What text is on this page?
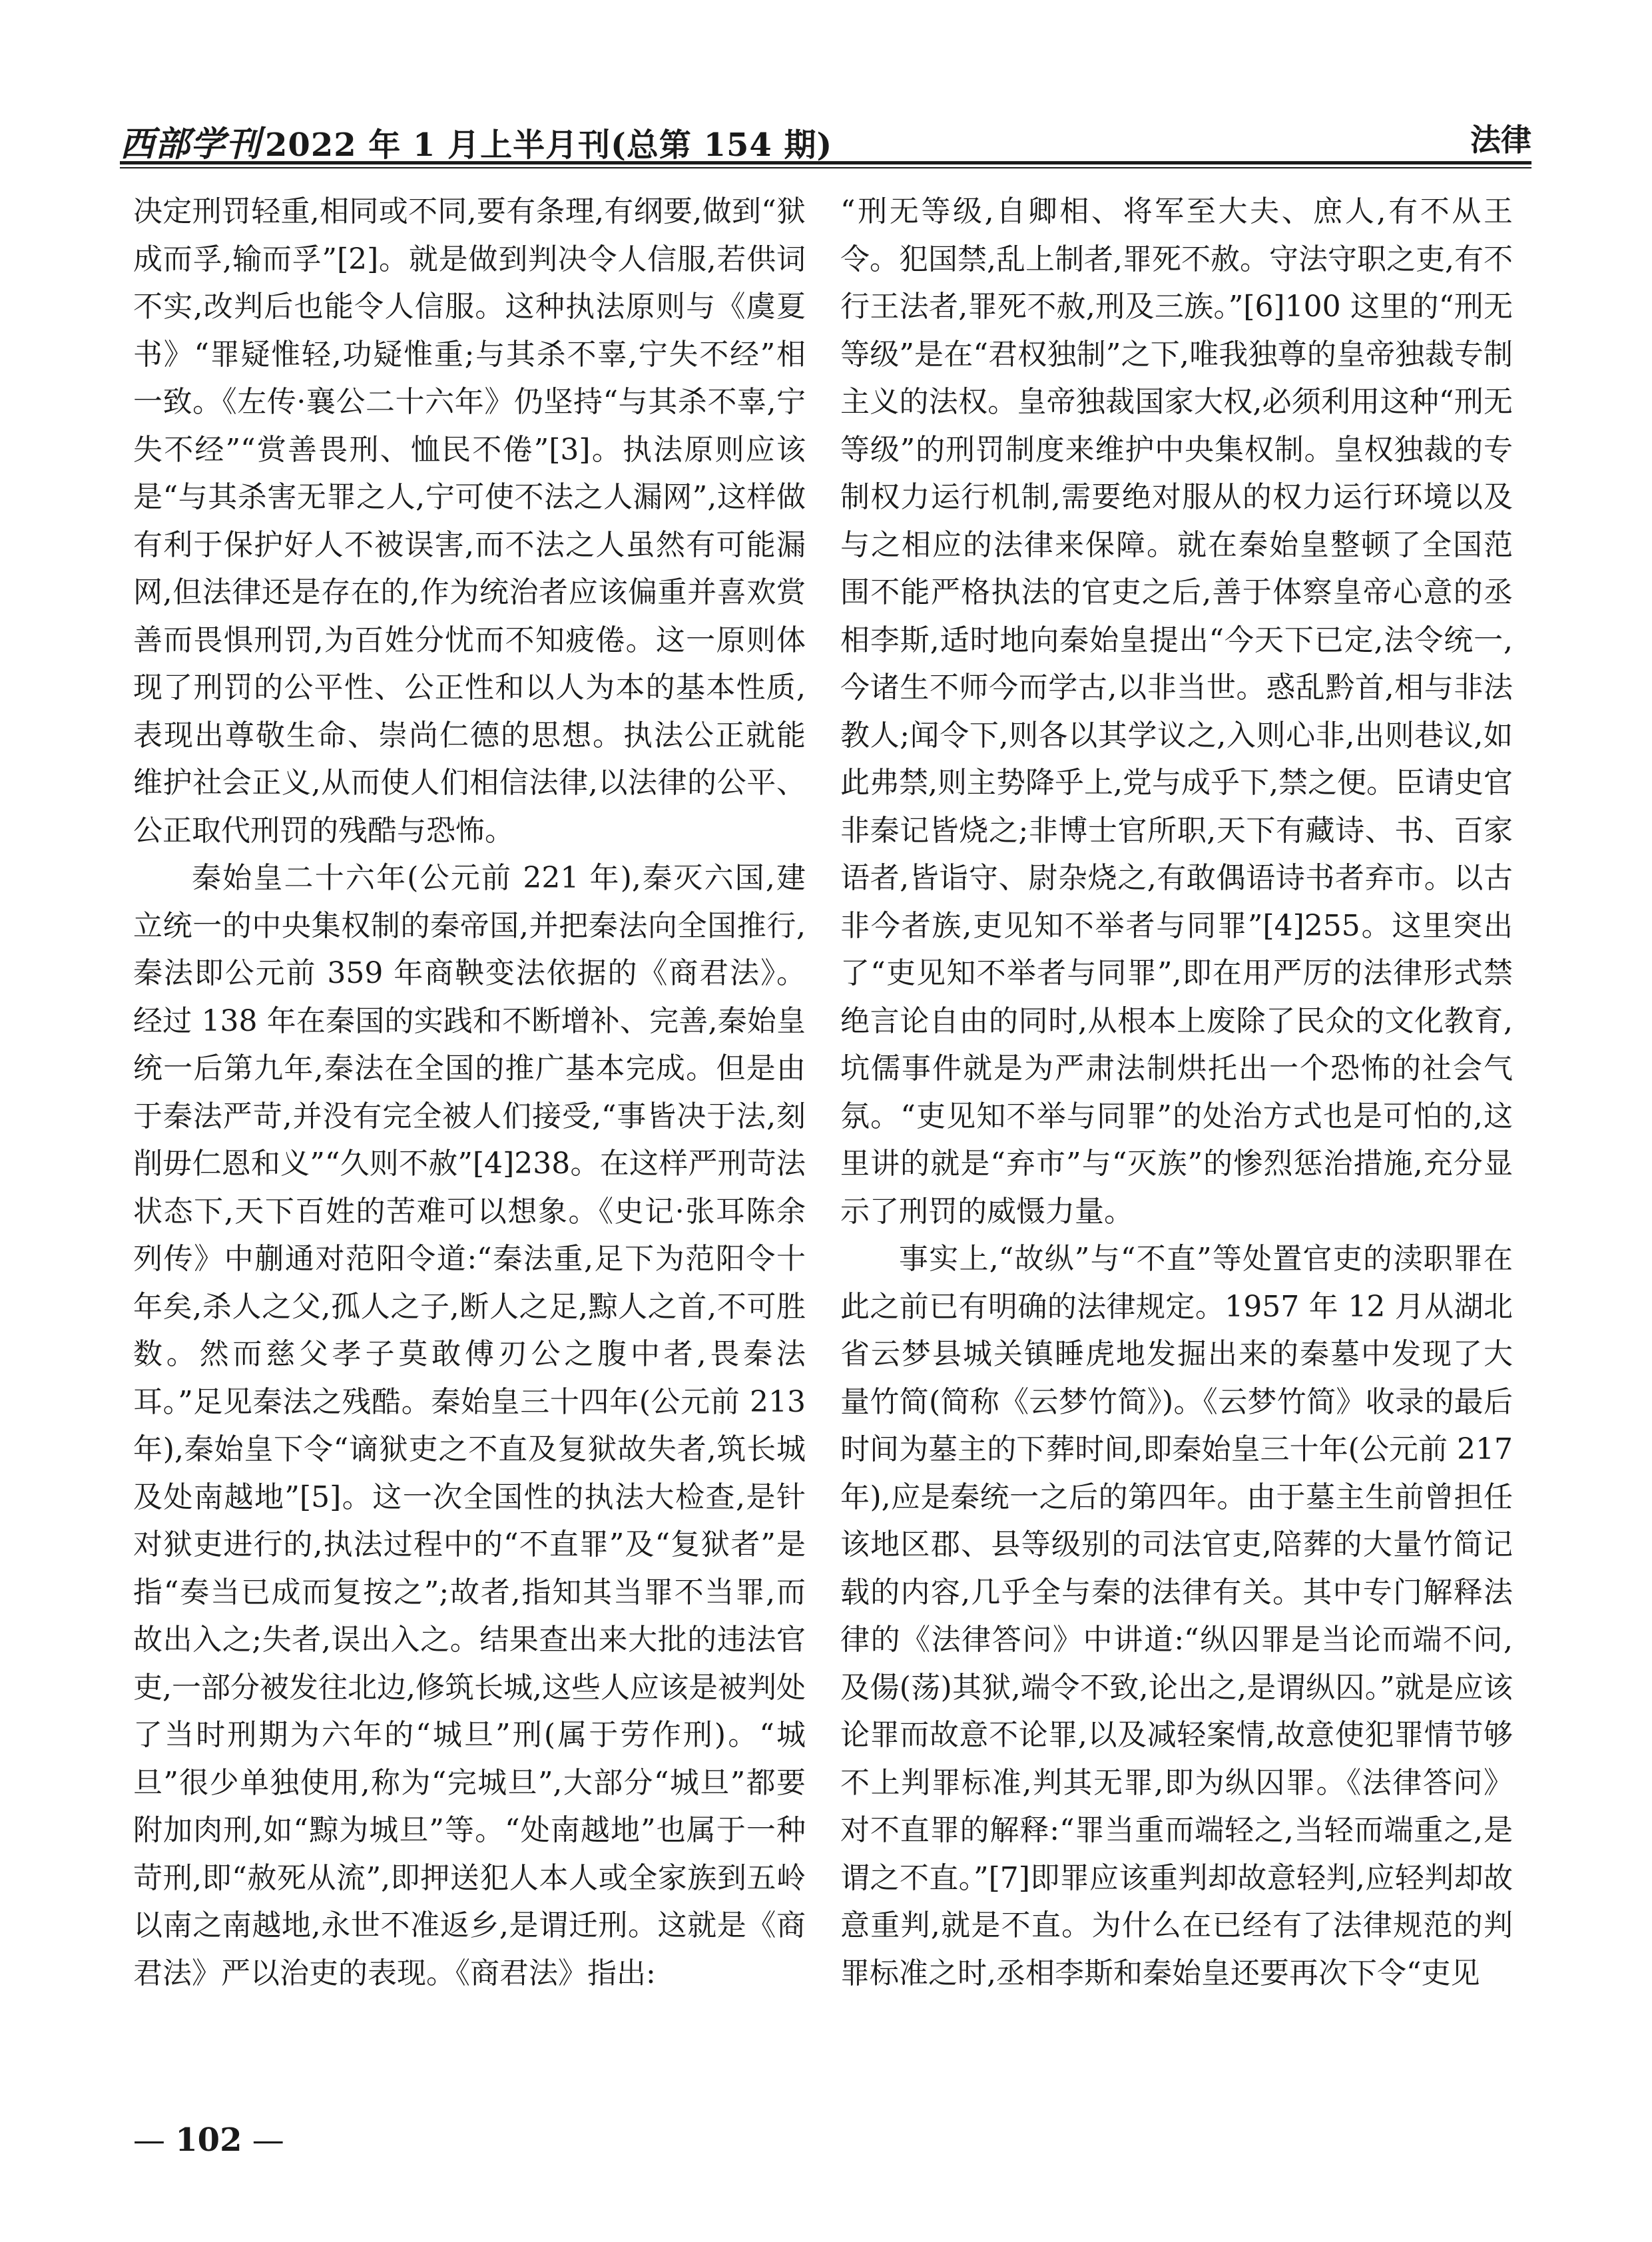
西部学刊 2022 年 1 月上半月刊(总第 154 期)	法律

决定刑罚轻重,相同或不同,要有条理,有纲要,做到“狱成而孚,输而孚”[2]。就是做到判决令人信服,若供词不实,改判后也能令人信服。这种执法原则与《虞夏书》“罪疑惟轻,功疑惟重;与其杀不辜,宁失不经”相一致。《左传·襄公二十六年》仍坚持“与其杀不辜,宁失不经”“赏善畏刑、恤民不倦”[3]。执法原则应该是“与其杀害无罪之人,宁可使不法之人漏网”,这样做有利于保护好人不被误害,而不法之人虽然有可能漏网,但法律还是存在的,作为统治者应该偏重并喜欢赏善而畏惧刑罚,为百姓分忧而不知疲倦。这一原则体现了刑罚的公平性、公正性和以人为本的基本性质,表现出尊敬生命、崇尚仁德的思想。执法公正就能维护社会正义,从而使人们相信法律,以法律的公平、公正取代刑罚的残酷与恐怖。

秦始皇二十六年(公元前 221 年),秦灭六国,建立统一的中央集权制的秦帝国,并把秦法向全国推行,秦法即公元前 359 年商鞅变法依据的《商君法》。经过 138 年在秦国的实践和不断增补、完善,秦始皇统一后第九年,秦法在全国的推广基本完成。但是由于秦法严苛,并没有完全被人们接受,“事皆决于法,刻削毋仁恩和义”“久则不赦”[4]238。在这样严刑苛法状态下,天下百姓的苦难可以想象。《史记·张耳陈余列传》中蒯通对范阳令道:“秦法重,足下为范阳令十年矣,杀人之父,孤人之子,断人之足,黥人之首,不可胜数。然而慈父孝子莫敢傅刃公之腹中者,畏秦法耳。”足见秦法之残酷。秦始皇三十四年(公元前 213 年),秦始皇下令“谪狱吏之不直及复狱故失者,筑长城及处南越地”[5]。这一次全国性的执法大检查,是针对狱吏进行的,执法过程中的“不直罪”及“复狱者”是指“奏当已成而复按之”;故者,指知其当罪不当罪,而故出入之;失者,误出入之。结果查出来大批的违法官吏,一部分被发往北边,修筑长城,这些人应该是被判处了当时刑期为六年的“城旦”刑(属于劳作刑)。“城旦”很少单独使用,称为“完城旦”,大部分“城旦”都要附加肉刑,如“黥为城旦”等。“处南越地”也属于一种苛刑,即“赦死从流”,即押送犯人本人或全家族到五岭以南之南越地,永世不准返乡,是谓迁刑。这就是《商君法》严以治吏的表现。《商君法》指出:

“刑无等级,自卿相、将军至大夫、庶人,有不从王令。犯国禁,乱上制者,罪死不赦。守法守职之吏,有不行王法者,罪死不赦,刑及三族。”[6]100 这里的“刑无等级”是在“君权独制”之下,唯我独尊的皇帝独裁专制主义的法权。皇帝独裁国家大权,必须利用这种“刑无等级”的刑罚制度来维护中央集权制。皇权独裁的专制权力运行机制,需要绝对服从的权力运行环境以及与之相应的法律来保障。就在秦始皇整顿了全国范围不能严格执法的官吏之后,善于体察皇帝心意的丞相李斯,适时地向秦始皇提出“今天下已定,法令统一,今诸生不师今而学古,以非当世。惑乱黔首,相与非法教人;闻令下,则各以其学议之,入则心非,出则巷议,如此弗禁,则主势降乎上,党与成乎下,禁之便。臣请史官非秦记皆烧之;非博士官所职,天下有藏诗、书、百家语者,皆诣守、尉杂烧之,有敢偶语诗书者弃市。以古非今者族,吏见知不举者与同罪”[4]255。这里突出了“吏见知不举者与同罪”,即在用严厉的法律形式禁绝言论自由的同时,从根本上废除了民众的文化教育,坑儒事件就是为严肃法制烘托出一个恐怖的社会气氛。“吏见知不举与同罪”的处治方式也是可怕的,这里讲的就是“弃市”与“灭族”的惨烈惩治措施,充分显示了刑罚的威慑力量。

事实上,“故纵”与“不直”等处置官吏的渎职罪在此之前已有明确的法律规定。1957 年 12 月从湖北省云梦县城关镇睡虎地发掘出来的秦墓中发现了大量竹简(简称《云梦竹简》)。《云梦竹简》收录的最后时间为墓主的下葬时间,即秦始皇三十年(公元前 217 年),应是秦统一之后的第四年。由于墓主生前曾担任该地区郡、县等级别的司法官吏,陪葬的大量竹简记载的内容,几乎全与秦的法律有关。其中专门解释法律的《法律答问》中讲道:“纵囚罪是当论而端不问,及偒(荡)其狱,端令不致,论出之,是谓纵囚。”就是应该论罪而故意不论罪,以及减轻案情,故意使犯罪情节够不上判罪标准,判其无罪,即为纵囚罪。《法律答问》对不直罪的解释:“罪当重而端轻之,当轻而端重之,是谓之不直。”[7]即罪应该重判却故意轻判,应轻判却故意重判,就是不直。为什么在已经有了法律规范的判罪标准之时,丞相李斯和秦始皇还要再次下令“吏见

— 102 —
